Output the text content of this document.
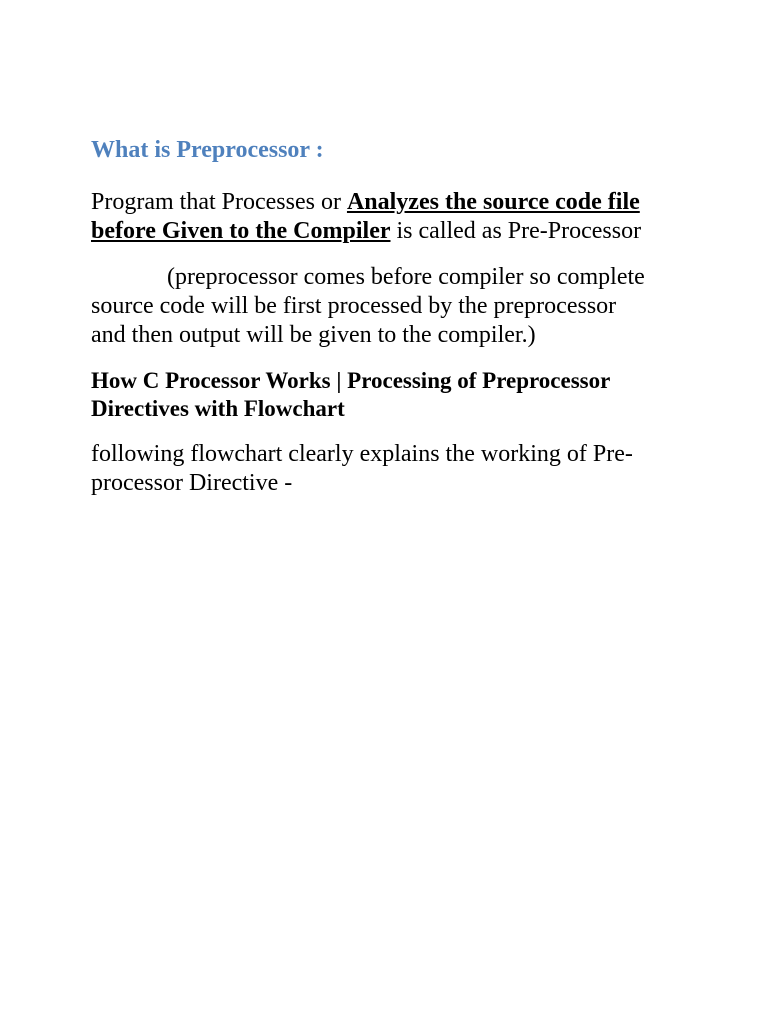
What is Preprocessor :
Program that Processes or Analyzes the source code file
before Given to the Compiler is called as Pre-Processor
(preprocessor comes before compiler so complete
source code will be first processed by the preprocessor
and then output will be given to the compiler.)
How C Processor Works | Processing of Preprocessor
Directives with Flowchart
following flowchart clearly explains the working of Pre-
processor Directive -
